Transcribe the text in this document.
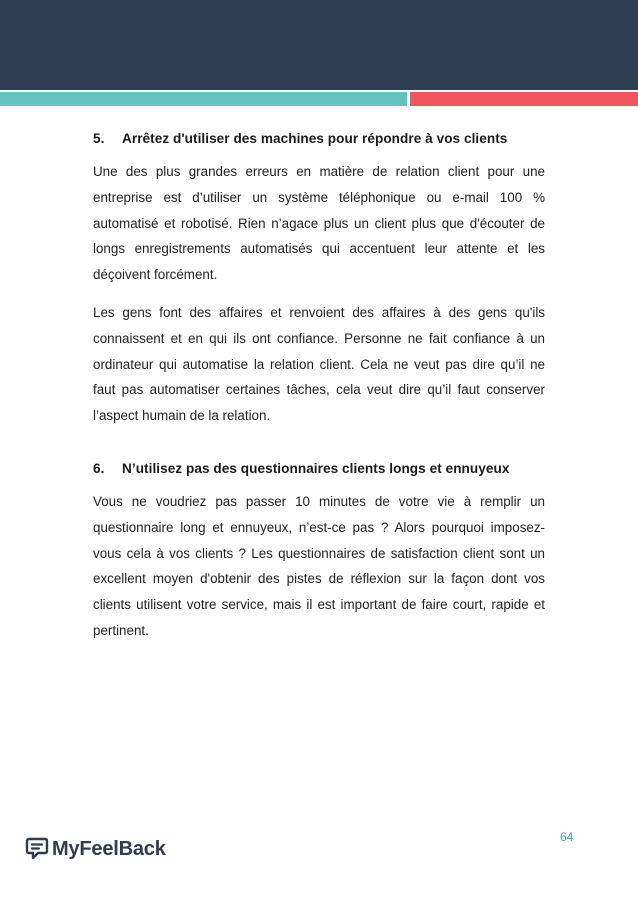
5.	Arrêtez d'utiliser des machines pour répondre à vos clients

Une des plus grandes erreurs en matière de relation client pour une entreprise est d’utiliser un système téléphonique ou e-mail 100 % automatisé et robotisé. Rien n’agace plus un client plus que d'écouter de longs enregistrements automatisés qui accentuent leur attente et les déçoivent forcément.

Les gens font des affaires et renvoient des affaires à des gens qu'ils connaissent et en qui ils ont confiance. Personne ne fait confiance à un ordinateur qui automatise la relation client. Cela ne veut pas dire qu’il ne faut pas automatiser certaines tâches, cela veut dire qu’il faut conserver l’aspect humain de la relation.

6.	N’utilisez pas des questionnaires clients longs et ennuyeux

Vous ne voudriez pas passer 10 minutes de votre vie à remplir un questionnaire long et ennuyeux, n’est-ce pas ? Alors pourquoi imposez-vous cela à vos clients ? Les questionnaires de satisfaction client sont un excellent moyen d'obtenir des pistes de réflexion sur la façon dont vos clients utilisent votre service, mais il est important de faire court, rapide et pertinent.

64
MyFeelBack
